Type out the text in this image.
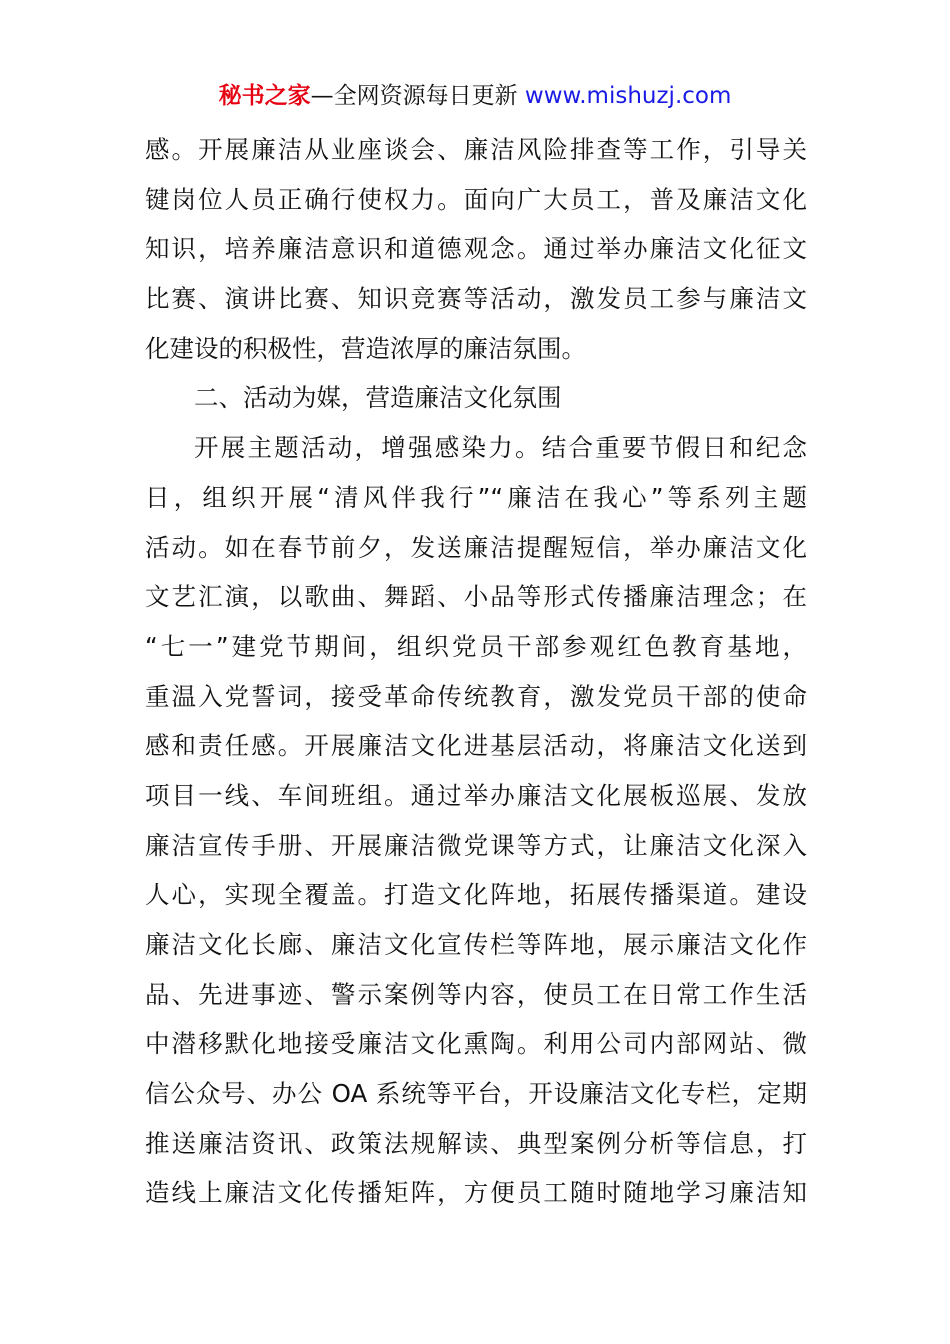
秘书之家—全网资源每日更新 www.mishuzj.com
感。开展廉洁从业座谈会、廉洁风险排查等工作，引导关
键岗位人员正确行使权力。面向广大员工，普及廉洁文化
知识，培养廉洁意识和道德观念。通过举办廉洁文化征文
比赛、演讲比赛、知识竞赛等活动，激发员工参与廉洁文
化建设的积极性，营造浓厚的廉洁氛围。
二、活动为媒，营造廉洁文化氛围
开展主题活动，增强感染力。结合重要节假日和纪念
日，组织开展“清风伴我行”“廉洁在我心”等系列主题
活动。如在春节前夕，发送廉洁提醒短信，举办廉洁文化
文艺汇演，以歌曲、舞蹈、小品等形式传播廉洁理念；在
“七一”建党节期间，组织党员干部参观红色教育基地，
重温入党誓词，接受革命传统教育，激发党员干部的使命
感和责任感。开展廉洁文化进基层活动，将廉洁文化送到
项目一线、车间班组。通过举办廉洁文化展板巡展、发放
廉洁宣传手册、开展廉洁微党课等方式，让廉洁文化深入
人心，实现全覆盖。打造文化阵地，拓展传播渠道。建设
廉洁文化长廊、廉洁文化宣传栏等阵地，展示廉洁文化作
品、先进事迹、警示案例等内容，使员工在日常工作生活
中潜移默化地接受廉洁文化熏陶。利用公司内部网站、微
信公众号、办公 OA 系统等平台，开设廉洁文化专栏，定期
推送廉洁资讯、政策法规解读、典型案例分析等信息，打
造线上廉洁文化传播矩阵，方便员工随时随地学习廉洁知
